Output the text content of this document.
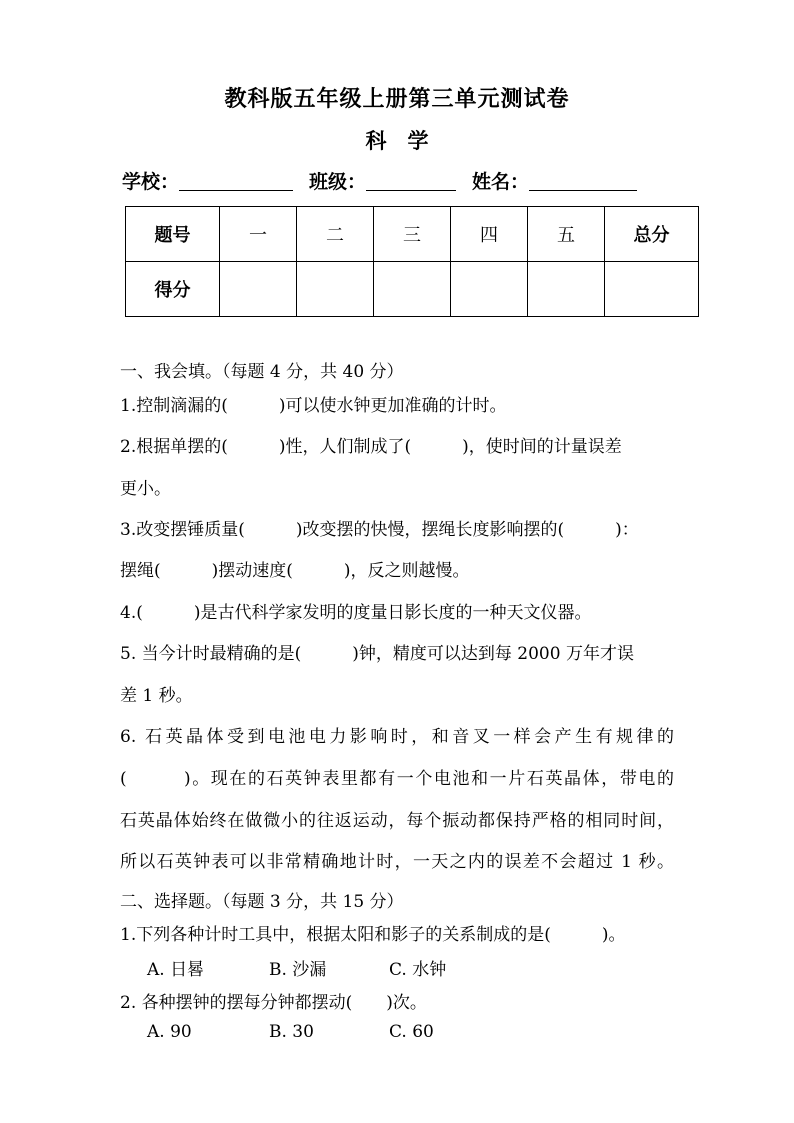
教科版五年级上册第三单元测试卷
科　学
学校：	班级：	姓名：
题号	一	二	三	四	五	总分
得分						
一、我会填。（每题 4 分，共 40 分）
1.控制滴漏的(　　　)可以使水钟更加准确的计时。
2.根据单摆的(　　　)性，人们制成了(　　　)，使时间的计量误差
更小。
3.改变摆锤质量(　　　)改变摆的快慢，摆绳长度影响摆的(　　　)：
摆绳(　　　)摆动速度(　　　)，反之则越慢。
4.(　　　)是古代科学家发明的度量日影长度的一种天文仪器。
5. 当今计时最精确的是(　　　)钟，精度可以达到每 2000 万年才误
差 1 秒。
6. 石英晶体受到电池电力影响时，和音叉一样会产生有规律的
(　　　)。现在的石英钟表里都有一个电池和一片石英晶体，带电的
石英晶体始终在做微小的往返运动，每个振动都保持严格的相同时间，
所以石英钟表可以非常精确地计时，一天之内的误差不会超过 1 秒。
二、选择题。（每题 3 分，共 15 分）
1.下列各种计时工具中，根据太阳和影子的关系制成的是(　　　)。
A. 日晷	B. 沙漏	C. 水钟
2. 各种摆钟的摆每分钟都摆动(　　)次。
A. 90	B. 30	C. 60
